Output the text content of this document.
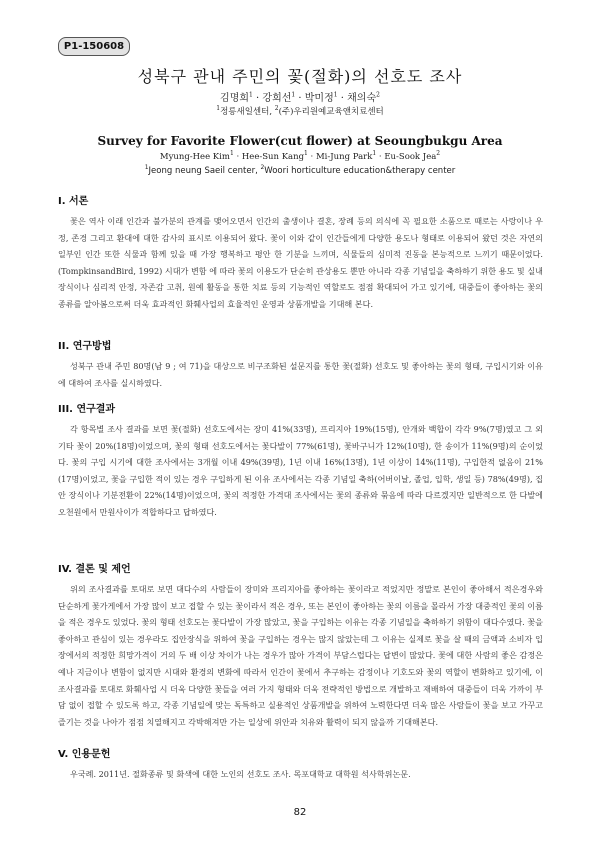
P1-150608
성북구 관내 주민의 꽃(절화)의 선호도 조사
김명희$^1$ · 강희선$^1$ · 박미정$^1$ · 채의숙$^2$
$^1$정릉새일센터, $^2$(주)우리원예교육앤치료센터
Survey for Favorite Flower(cut flower) at Seoungbukgu Area
Myung-Hee Kim$^1$ · Hee-Sun Kang$^1$ · Mi-Jung Park$^1$ · Eu-Sook Jea$^2$
$^1$Jeong neung Saeil center, $^2$Woori horticulture education&therapy center
I. 서론

꽃은 역사 이래 인간과 불가분의 관계를 맺어오면서 인간의 출생이나 결혼, 장례 등의 의식에 꼭 필요한 소품으로 때로는 사랑이나 우정, 존경 그리고 환대에 대한 감사의 표시로 이용되어 왔다. 꽃이 이와 같이 인간들에게 다양한 용도나 형태로 이용되어 왔던 것은 자연의 일부인 인간 또한 식물과 함께 있을 때 가장 행복하고 평안 한 기분을 느끼며, 식물들의 심미적 진동을 본능적으로 느끼기 때문이었다.(TompkinsandBird, 1992) 시대가 변함 에 따라 꽃의 이용도가 단순히 관상용도 뿐만 아니라 각종 기념일을 축하하기 위한 용도 및 실내장식이나 심리적 안정, 자존감 고취, 원예 활동을 통한 치료 등의 기능적인 역할로도 점점 확대되어 가고 있기에, 대중들이 좋아하는 꽃의 종류를 알아봄으로써 더욱 효과적인 화훼사업의 효율적인 운영과 상품개발을 기대해 본다.

II. 연구방법

성북구 관내 주민 80명(남 9 ; 여 71)을 대상으로 비구조화된 설문지를 통한 꽃(절화) 선호도 및 좋아하는 꽃의 형태, 구입시기와 이유에 대하여 조사를 실시하였다.

III. 연구결과

각 항목별 조사 결과를 보면 꽃(절화) 선호도에서는 장미 41%(33명), 프리지아 19%(15명), 안개와 백합이 각각 9%(7명)였고 그 외 기타 꽃이 20%(18명)이었으며, 꽃의 형태 선호도에서는 꽃다발이 77%(61명), 꽃바구니가 12%(10명), 한 송이가 11%(9명)의 순이었다. 꽃의 구입 시기에 대한 조사에서는 3개월 이내 49%(39명), 1년 이내 16%(13명), 1년 이상이 14%(11명), 구입한적 없음이 21%(17명)이었고, 꽃을 구입한 적이 있는 경우 구입하게 된 이유 조사에서는 각종 기념일 축하(어버이날, 졸업, 입학, 생일 등) 78%(49명), 집안 장식이나 기분전환이 22%(14명)이었으며, 꽃의 적정한 가격대 조사에서는 꽃의 종류와 묶음에 따라 다르겠지만 일반적으로 한 다발에 오천원에서 만원사이가 적합하다고 답하였다.

IV. 결론 및 제언

위의 조사결과를 토대로 보면 대다수의 사람들이 장미와 프리지아를 좋아하는 꽃이라고 적었지만 정말로 본인이 좋아해서 적은경우와 단순하게 꽃가게에서 가장 많이 보고 접할 수 있는 꽃이라서 적은 경우, 또는 본인이 좋아하는 꽃의 이름을 몰라서 가장 대중적인 꽃의 이름을 적은 경우도 있었다. 꽃의 형태 선호도는 꽃다발이 가장 많았고, 꽃을 구입하는 이유는 각종 기념일을 축하하기 위함이 대다수였다. 꽃을 좋아하고 관심이 있는 경우라도 집안장식을 위하여 꽃을 구입하는 경우는 많지 않았는데 그 이유는 실제로 꽃을 살 때의 금액과 소비자 입장에서의 적정한 희망가격이 거의 두 배 이상 차이가 나는 경우가 많아 가격이 부담스럽다는 답변이 많았다. 꽃에 대한 사람의 좋은 감정은 예나 지금이나 변함이 없지만 시대와 환경의 변화에 따라서 인간이 꽃에서 추구하는 감정이나 기호도와 꽃의 역할이 변화하고 있기에, 이 조사결과를 토대로 화훼사업 시 더욱 다양한 꽃들을 여러 가지 형태와 더욱 전략적인 방법으로 개발하고 재배하여 대중들이 더욱 가까이 부담 없이 접할 수 있도록 하고, 각종 기념일에 맞는 독특하고 실용적인 상품개발을 위하여 노력한다면 더욱 많은 사람들이 꽃을 보고 가꾸고 즐기는 것을 나아가 점점 치열해지고 각박해져만 가는 일상에 위안과 치유와 활력이 되지 않을까 기대해본다.

V. 인용문헌

우국례. 2011년. 절화종류 및 화색에 대한 노인의 선호도 조사. 목포대학교 대학원 석사학위논문.

82
